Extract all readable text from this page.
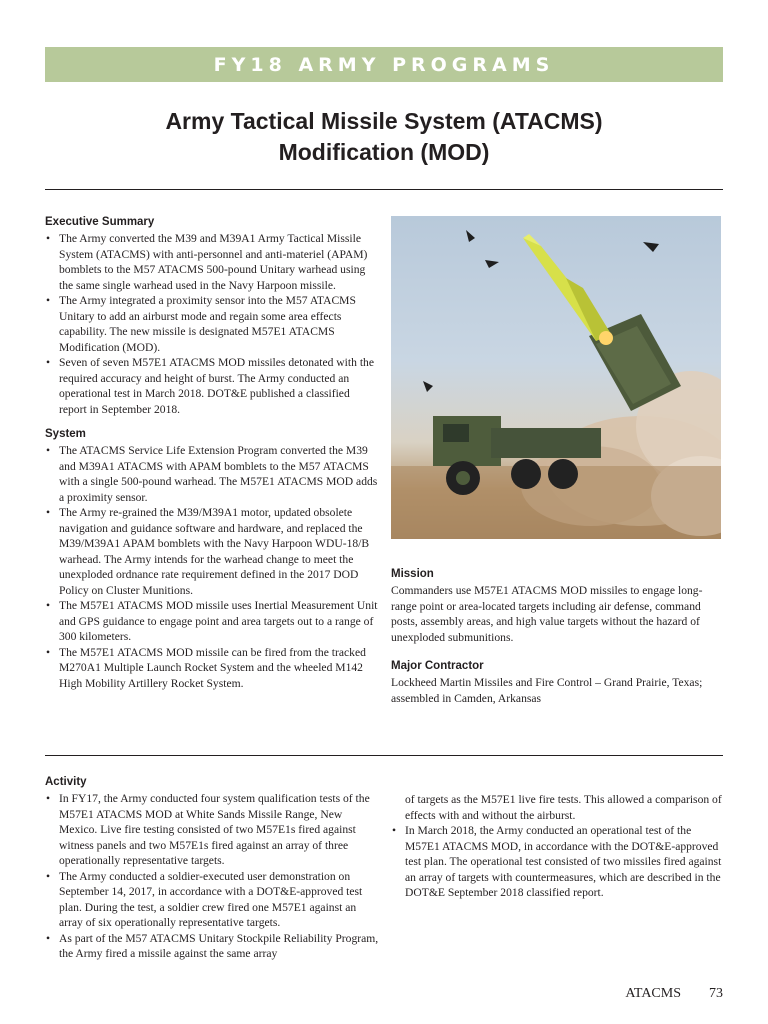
FY18 ARMY PROGRAMS
Army Tactical Missile System (ATACMS)
Modification (MOD)
Executive Summary
• The Army converted the M39 and M39A1 Army Tactical Missile System (ATACMS) with anti-personnel and anti-materiel (APAM) bomblets to the M57 ATACMS 500-pound Unitary warhead using the same single warhead used in the Navy Harpoon missile.
• The Army integrated a proximity sensor into the M57 ATACMS Unitary to add an airburst mode and regain some area effects capability. The new missile is designated M57E1 ATACMS Modification (MOD).
• Seven of seven M57E1 ATACMS MOD missiles detonated with the required accuracy and height of burst. The Army conducted an operational test in March 2018. DOT&E published a classified report in September 2018.
System
• The ATACMS Service Life Extension Program converted the M39 and M39A1 ATACMS with APAM bomblets to the M57 ATACMS with a single 500-pound warhead. The M57E1 ATACMS MOD adds a proximity sensor.
• The Army re-grained the M39/M39A1 motor, updated obsolete navigation and guidance software and hardware, and replaced the M39/M39A1 APAM bomblets with the Navy Harpoon WDU-18/B warhead. The Army intends for the warhead change to meet the unexploded ordnance rate requirement defined in the 2017 DOD Policy on Cluster Munitions.
• The M57E1 ATACMS MOD missile uses Inertial Measurement Unit and GPS guidance to engage point and area targets out to a range of 300 kilometers.
• The M57E1 ATACMS MOD missile can be fired from the tracked M270A1 Multiple Launch Rocket System and the wheeled M142 High Mobility Artillery Rocket System.
Mission

Commanders use M57E1 ATACMS MOD missiles to engage long-range point or area-located targets including air defense, command posts, assembly areas, and high value targets without the hazard of unexploded submunitions.

Major Contractor

Lockheed Martin Missiles and Fire Control – Grand Prairie, Texas; assembled in Camden, Arkansas

Activity
• In FY17, the Army conducted four system qualification tests of the M57E1 ATACMS MOD at White Sands Missile Range, New Mexico. Live fire testing consisted of two M57E1s fired against witness panels and two M57E1s fired against an array of three operationally representative targets.
• The Army conducted a soldier-executed user demonstration on September 14, 2017, in accordance with a DOT&E-approved test plan. During the test, a soldier crew fired one M57E1 against an array of six operationally representative targets.
• As part of the M57 ATACMS Unitary Stockpile Reliability Program, the Army fired a missile against the same array
of targets as the M57E1 live fire tests. This allowed a comparison of effects with and without the airburst.
• In March 2018, the Army conducted an operational test of the M57E1 ATACMS MOD, in accordance with the DOT&E-approved test plan. The operational test consisted of two missiles fired against an array of targets with countermeasures, which are described in the DOT&E September 2018 classified report.
ATACMS 73
